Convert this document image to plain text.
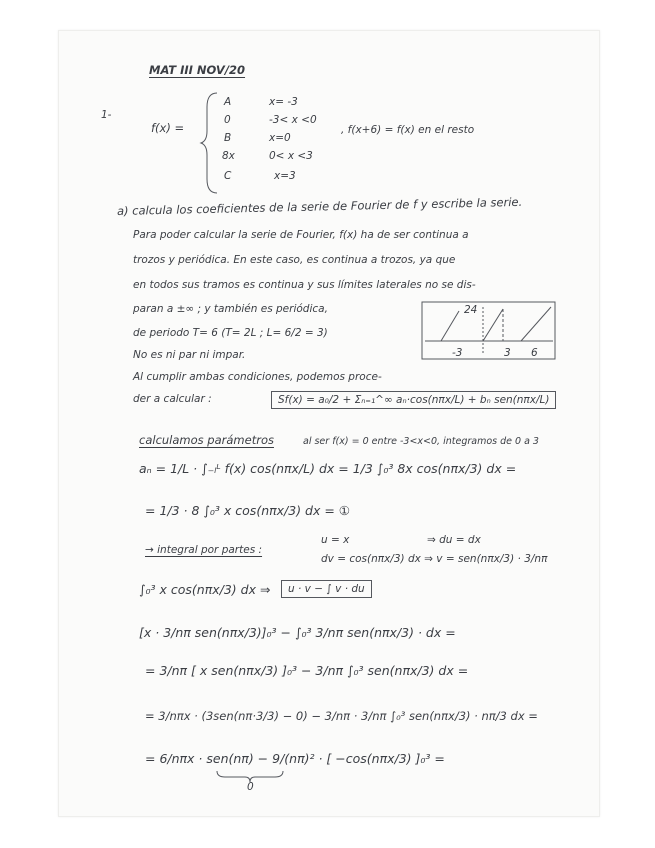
MAT III NOV/20
1-
f(x) =
A	x= -3
0	-3< x <0
B	x=0
8x	0< x <3
C	x=3
, f(x+6) = f(x) en el resto
a) calcula los coeficientes de la serie de Fourier de f y escribe la serie.
Para poder calcular la serie de Fourier, f(x) ha de ser continua a
trozos y periódica. En este caso, es continua a trozos, ya que
en todos sus tramos es continua y sus límites laterales no se dis-
paran a ±∞ ; y también es periódica,
de periodo T= 6 (T= 2L ; L= 6/2 = 3)
No es ni par ni impar.
Al cumplir ambas condiciones, podemos proce-
der a calcular :
24
-3	3 6
Sf(x) = a₀/2 + Σₙ₌₁^∞ aₙ·cos(nπx/L) + bₙ sen(nπx/L)
calculamos parámetros	al ser f(x) = 0 entre -3<x<0, integramos de 0 a 3
aₙ = 1/L · ∫₋ₗᴸ f(x) cos(nπx/L) dx = 1/3 ∫₀³ 8x cos(nπx/3) dx =
= 1/3 · 8 ∫₀³ x cos(nπx/3) dx = ①
→ integral por partes :
u = x	⇒ du = dx
dv = cos(nπx/3) dx ⇒ v = sen(nπx/3) · 3/nπ
∫₀³ x cos(nπx/3) dx ⇒	u · v − ∫ v · du
[x · 3/nπ sen(nπx/3)]₀³ − ∫₀³ 3/nπ sen(nπx/3) · dx =
= 3/nπ [ x sen(nπx/3) ]₀³ − 3/nπ ∫₀³ sen(nπx/3) dx =
= 3/nπx · (3sen(nπ·3/3) − 0) − 3/nπ · 3/nπ ∫₀³ sen(nπx/3) · nπ/3 dx =
= 6/nπx · sen(nπ) − 9/(nπ)² · [ −cos(nπx/3) ]₀³ =
0
